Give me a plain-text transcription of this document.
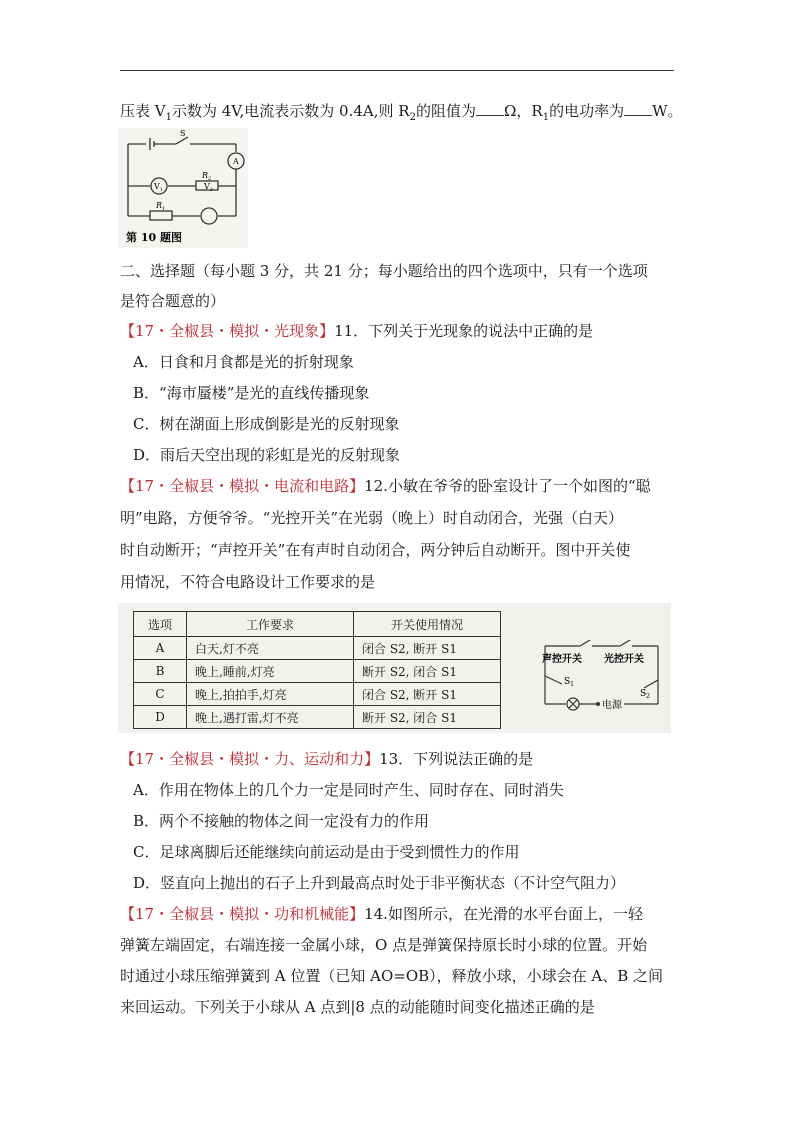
压表 $V_1$示数为 4V,电流表示数为 0.4A,则 $R_2$的阻值为 Ω，$R_1$的电功率为 W。
S
A
$V_1$	$V_2$
$R_2$
$R_1$
第 10 题图
二、选择题（每小题 3 分，共 21 分；每小题给出的四个选项中，只有一个选项
是符合题意的）
【17・全椒县・模拟・光现象】11．下列关于光现象的说法中正确的是
A．日食和月食都是光的折射现象
B．“海市蜃楼”是光的直线传播现象
C．树在湖面上形成倒影是光的反射现象
D．雨后天空出现的彩虹是光的反射现象
【17・全椒县・模拟・电流和电路】12.小敏在爷爷的卧室设计了一个如图的“聪
明”电路，方便爷爷。“光控开关”在光弱（晚上）时自动闭合，光强（白天）
时自动断开；“声控开关”在有声时自动闭合，两分钟后自动断开。图中开关使
用情况，不符合电路设计工作要求的是
选项	工作要求	开关使用情况
A	白天,灯不亮	闭合 S2, 断开 S1
B	晚上,睡前,灯亮	断开 S2, 闭合 S1
C	晚上,拍拍手,灯亮	闭合 S2, 断开 S1
D	晚上,遇打雷,灯不亮	断开 S2, 闭合 S1
声控开关 光控开关
$S_1$
$S_2$
电源
【17・全椒县・模拟・力、运动和力】13．下列说法正确的是
A．作用在物体上的几个力一定是同时产生、同时存在、同时消失
B．两个不接触的物体之间一定没有力的作用
C．足球离脚后还能继续向前运动是由于受到惯性力的作用
D．竖直向上抛出的石子上升到最高点时处于非平衡状态（不计空气阻力）
【17・全椒县・模拟・功和机械能】14.如图所示，在光滑的水平台面上，一轻
弹簧左端固定，右端连接一金属小球，O 点是弹簧保持原长时小球的位置。开始
时通过小球压缩弹簧到 A 位置（已知 AO=OB），释放小球，小球会在 A、B 之间
来回运动。下列关于小球从 A 点到|8 点的动能随时间变化描述正确的是
